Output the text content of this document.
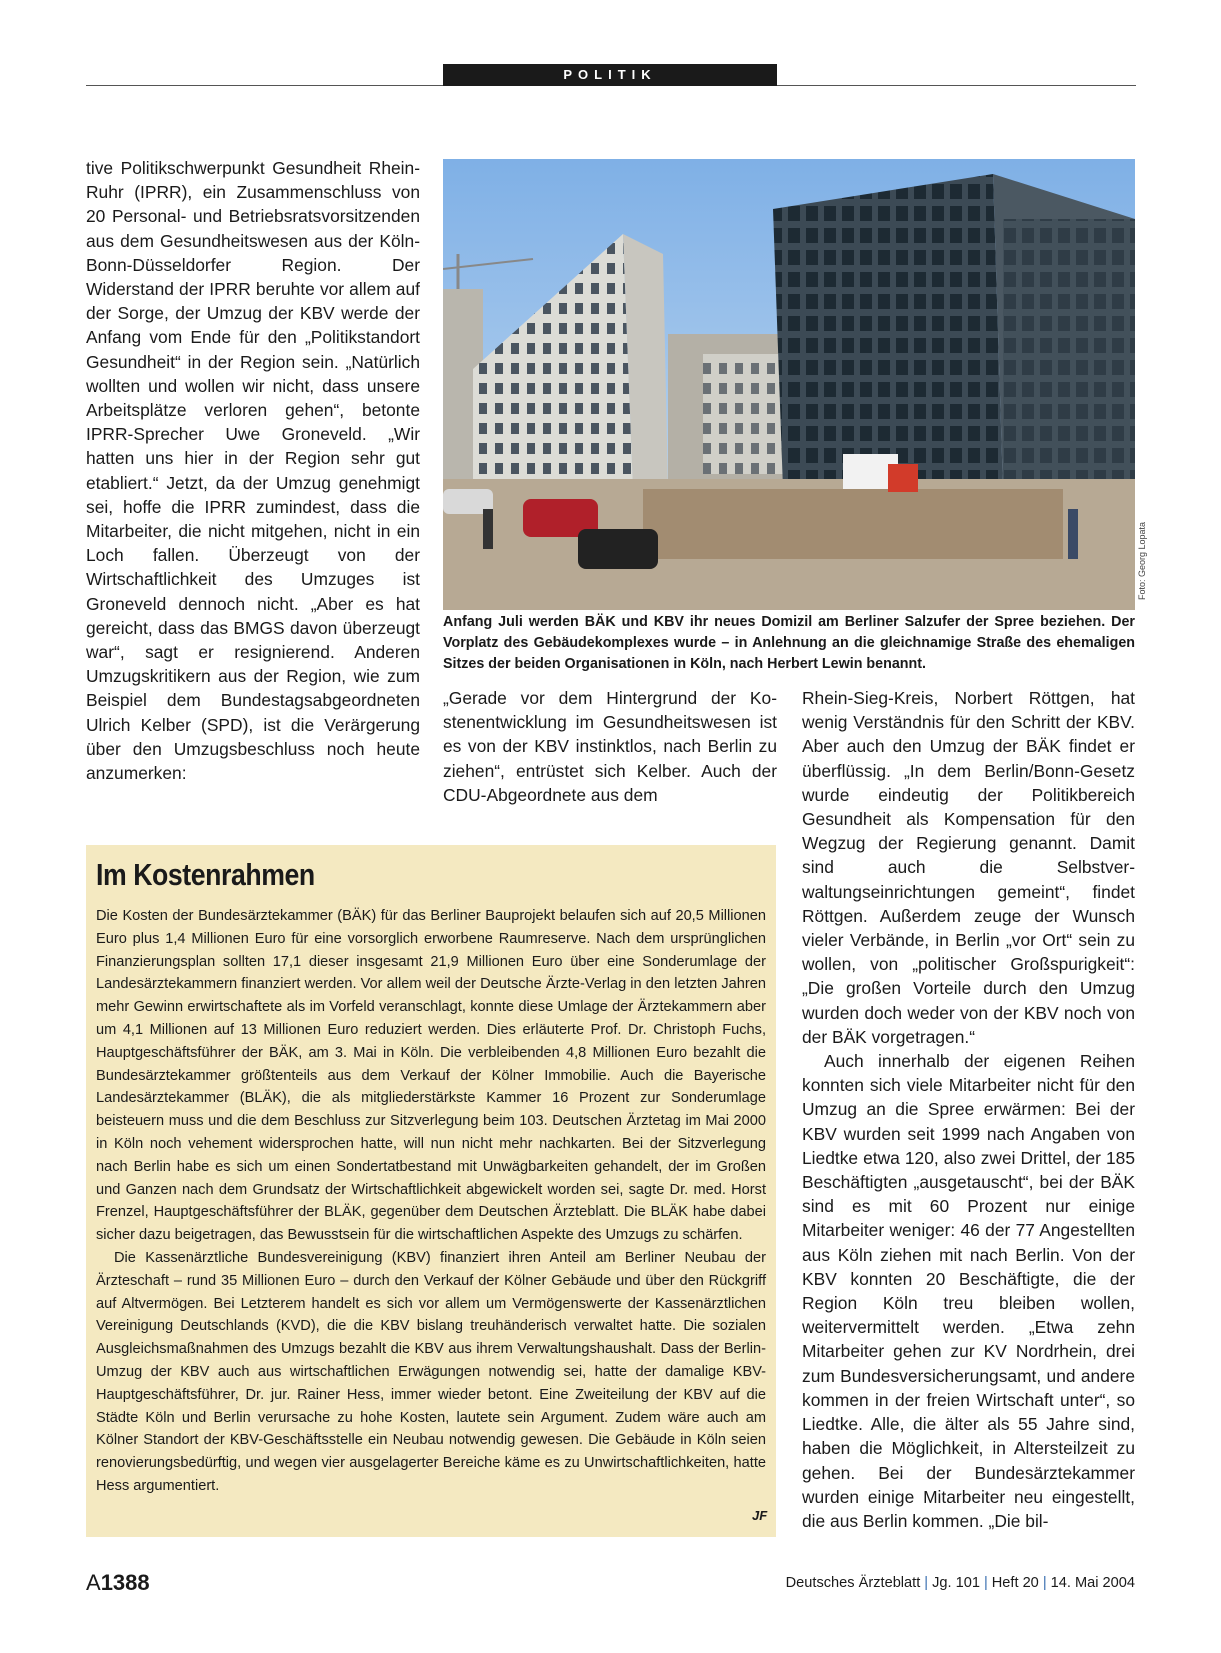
POLITIK

tive Politikschwerpunkt Gesundheit Rhein-Ruhr (IPRR), ein Zusammenschluss von 20 Personal- und Betriebsratsvorsitzenden aus dem Gesundheitswesen aus der Köln-Bonn-Düsseldorfer Region. Der Widerstand der IPRR beruhte vor allem auf der Sorge, der Umzug der KBV werde der Anfang vom Ende für den „Politikstandort Gesundheit“ in der Region sein. „Natürlich wollten und wollen wir nicht, dass unsere Arbeitsplätze verloren gehen“, betonte IPRR-Sprecher Uwe Groneveld. „Wir hatten uns hier in der Region sehr gut etabliert.“ Jetzt, da der Umzug genehmigt sei, hoffe die IPRR zumindest, dass die Mitarbeiter, die nicht mitgehen, nicht in ein Loch fallen. Überzeugt von der Wirtschaftlichkeit des Umzuges ist Groneveld dennoch nicht. „Aber es hat gereicht, dass das BMGS davon überzeugt war“, sagt er resignierend. Anderen Umzugskritikern aus der Region, wie zum Beispiel dem Bundestagsabgeordneten Ulrich Kelber (SPD), ist die Verärgerung über den Umzugsbeschluss noch heute anzumerken:

Foto: Georg Lopata
Anfang Juli werden BÄK und KBV ihr neues Domizil am Berliner Salzufer der Spree beziehen. Der Vorplatz des Gebäudekomplexes wurde – in Anlehnung an die gleichnamige Straße des ehemaligen Sitzes der beiden Organisationen in Köln, nach Herbert Lewin benannt.

„Gerade vor dem Hintergrund der Kostenentwicklung im Gesundheitswesen ist es von der KBV instinktlos, nach Berlin zu ziehen“, entrüstet sich Kelber. Auch der CDU-Abgeordnete aus dem

Rhein-Sieg-Kreis, Norbert Röttgen, hat wenig Verständnis für den Schritt der KBV. Aber auch den Umzug der BÄK findet er überflüssig. „In dem Berlin/​Bonn-Gesetz wurde eindeutig der Politikbereich Gesundheit als Kompensation für den Wegzug der Regierung genannt. Damit sind auch die Selbstverwaltungseinrichtungen gemeint“, findet Röttgen. Außerdem zeuge der Wunsch vieler Verbände, in Berlin „vor Ort“ sein zu wollen, von „politischer Großspurigkeit“: „Die großen Vorteile durch den Umzug wurden doch weder von der KBV noch von der BÄK vorgetragen.“

Auch innerhalb der eigenen Reihen konnten sich viele Mitarbeiter nicht für den Umzug an die Spree erwärmen: Bei der KBV wurden seit 1999 nach Angaben von Liedtke etwa 120, also zwei Drittel, der 185 Beschäftigten „ausgetauscht“, bei der BÄK sind es mit 60 Prozent nur einige Mitarbeiter weniger: 46 der 77 Angestellten aus Köln ziehen mit nach Berlin. Von der KBV konnten 20 Beschäftigte, die der Region Köln treu bleiben wollen, weitervermittelt werden. „Etwa zehn Mitarbeiter gehen zur KV Nordrhein, drei zum Bundesversicherungsamt, und andere kommen in der freien Wirtschaft unter“, so Liedtke. Alle, die älter als 55 Jahre sind, haben die Möglichkeit, in Altersteilzeit zu gehen. Bei der Bundesärztekammer wurden einige Mitarbeiter neu eingestellt, die aus Berlin kommen. „Die bil-

Im Kostenrahmen

Die Kosten der Bundesärztekammer (BÄK) für das Berliner Bauprojekt belaufen sich auf 20,5 Millionen Euro plus 1,4 Millionen Euro für eine vorsorglich erworbene Raumreserve. Nach dem ursprünglichen Finanzierungsplan sollten 17,1 dieser insgesamt 21,9 Millionen Euro über eine Sonderumlage der Landesärztekammern finanziert werden. Vor allem weil der Deutsche Ärzte-Verlag in den letzten Jahren mehr Gewinn erwirtschaftete als im Vorfeld veranschlagt, konnte diese Umlage der Ärztekammern aber um 4,1 Millionen auf 13 Millionen Euro reduziert werden. Dies erläuterte Prof. Dr. Christoph Fuchs, Hauptgeschäftsführer der BÄK, am 3. Mai in Köln. Die verbleibenden 4,8 Millionen Euro bezahlt die Bundesärztekammer größtenteils aus dem Verkauf der Kölner Immobilie. Auch die Bayerische Landesärztekammer (BLÄK), die als mitgliederstärkste Kammer 16 Prozent zur Sonderumlage beisteuern muss und die dem Beschluss zur Sitzverlegung beim 103. Deutschen Ärztetag im Mai 2000 in Köln noch vehement widersprochen hatte, will nun nicht mehr nachkarten. Bei der Sitzverlegung nach Berlin habe es sich um einen Sondertatbestand mit Unwägbarkeiten gehandelt, der im Großen und Ganzen nach dem Grundsatz der Wirtschaftlichkeit abgewickelt worden sei, sagte Dr. med. Horst Frenzel, Hauptgeschäftsführer der BLÄK, gegenüber dem Deutschen Ärzteblatt. Die BLÄK habe dabei sicher dazu beigetragen, das Bewusstsein für die wirtschaftlichen Aspekte des Umzugs zu schärfen.

Die Kassenärztliche Bundesvereinigung (KBV) finanziert ihren Anteil am Berliner Neubau der Ärzteschaft – rund 35 Millionen Euro – durch den Verkauf der Kölner Gebäude und über den Rückgriff auf Altvermögen. Bei Letzterem handelt es sich vor allem um Vermögenswerte der Kassenärztlichen Vereinigung Deutschlands (KVD), die die KBV bislang treuhänderisch verwaltet hatte. Die sozialen Ausgleichsmaßnahmen des Umzugs bezahlt die KBV aus ihrem Verwaltungshaushalt. Dass der Berlin-Umzug der KBV auch aus wirtschaftlichen Erwägungen notwendig sei, hatte der damalige KBV-Hauptgeschäftsführer, Dr. jur. Rainer Hess, immer wieder betont. Eine Zweiteilung der KBV auf die Städte Köln und Berlin verursache zu hohe Kosten, lautete sein Argument. Zudem wäre auch am Kölner Standort der KBV-Geschäftsstelle ein Neubau notwendig gewesen. Die Gebäude in Köln seien renovierungsbedürftig, und wegen vier ausgelagerter Bereiche käme es zu Unwirtschaftlichkeiten, hatte Hess argumentiert.

JF
A1388	Deutsches Ärzteblatt | Jg. 101 | Heft 20 | 14. Mai 2004
